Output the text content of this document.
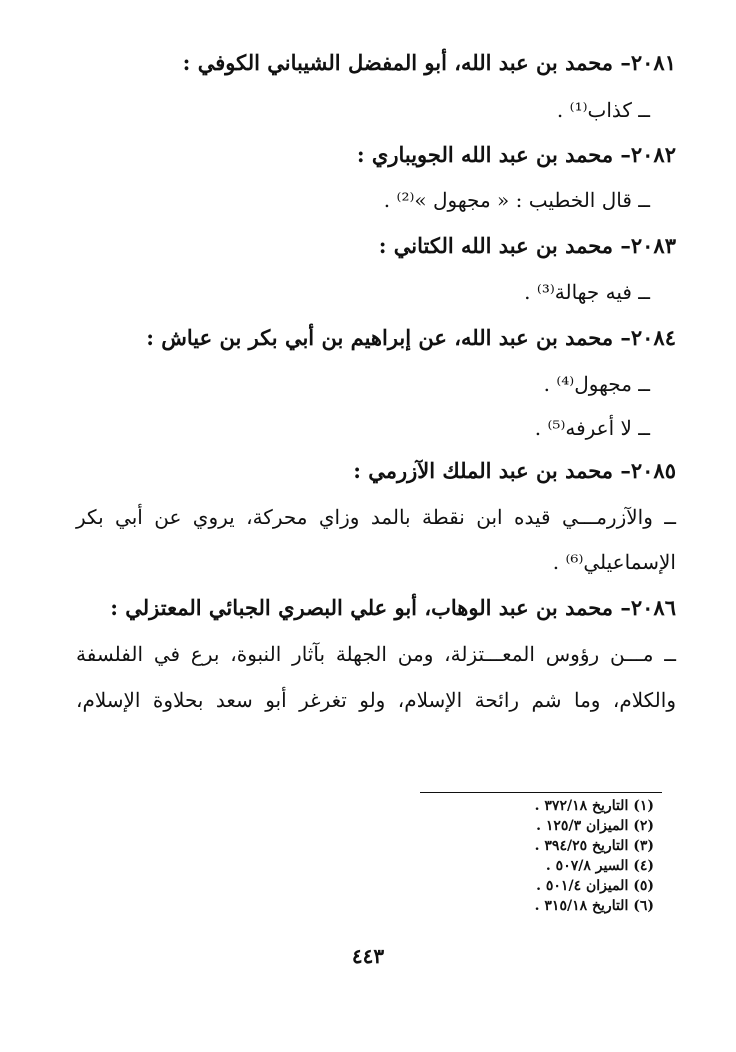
٢٠٨١– محمد بن عبد الله، أبو المفضل الشيباني الكوفي :
ــ كذاب⁽¹⁾ .
٢٠٨٢– محمد بن عبد الله الجويباري :
ــ قال الخطيب : « مجهول »⁽²⁾ .
٢٠٨٣– محمد بن عبد الله الكتاني :
ــ فيه جهالة⁽³⁾ .
٢٠٨٤– محمد بن عبد الله، عن إبراهيم بن أبي بكر بن عياش :
ــ مجهول⁽⁴⁾ .
ــ لا أعرفه⁽⁵⁾ .
٢٠٨٥– محمد بن عبد الملك الآزرمي :
ــ والآزرمـــي قيده ابن نقطة بالمد وزاي محركة، يروي عن أبي بكر
الإسماعيلي⁽⁶⁾ .
٢٠٨٦– محمد بن عبد الوهاب، أبو علي البصري الجبائي المعتزلي :
ــ مـــن رؤوس المعـــتزلة، ومن الجهلة بآثار النبوة، برع في الفلسفة
والكلام، وما شم رائحة الإسلام، ولو تغرغر أبو سعد بحلاوة الإسلام،
(١) التاريخ ٣٧٢/١٨ .
(٢) الميزان ١٢٥/٣ .
(٣) التاريخ ٣٩٤/٢٥ .
(٤) السير ٥٠٧/٨ .
(٥) الميزان ٥٠١/٤ .
(٦) التاريخ ٣١٥/١٨ .
٤٤٣
